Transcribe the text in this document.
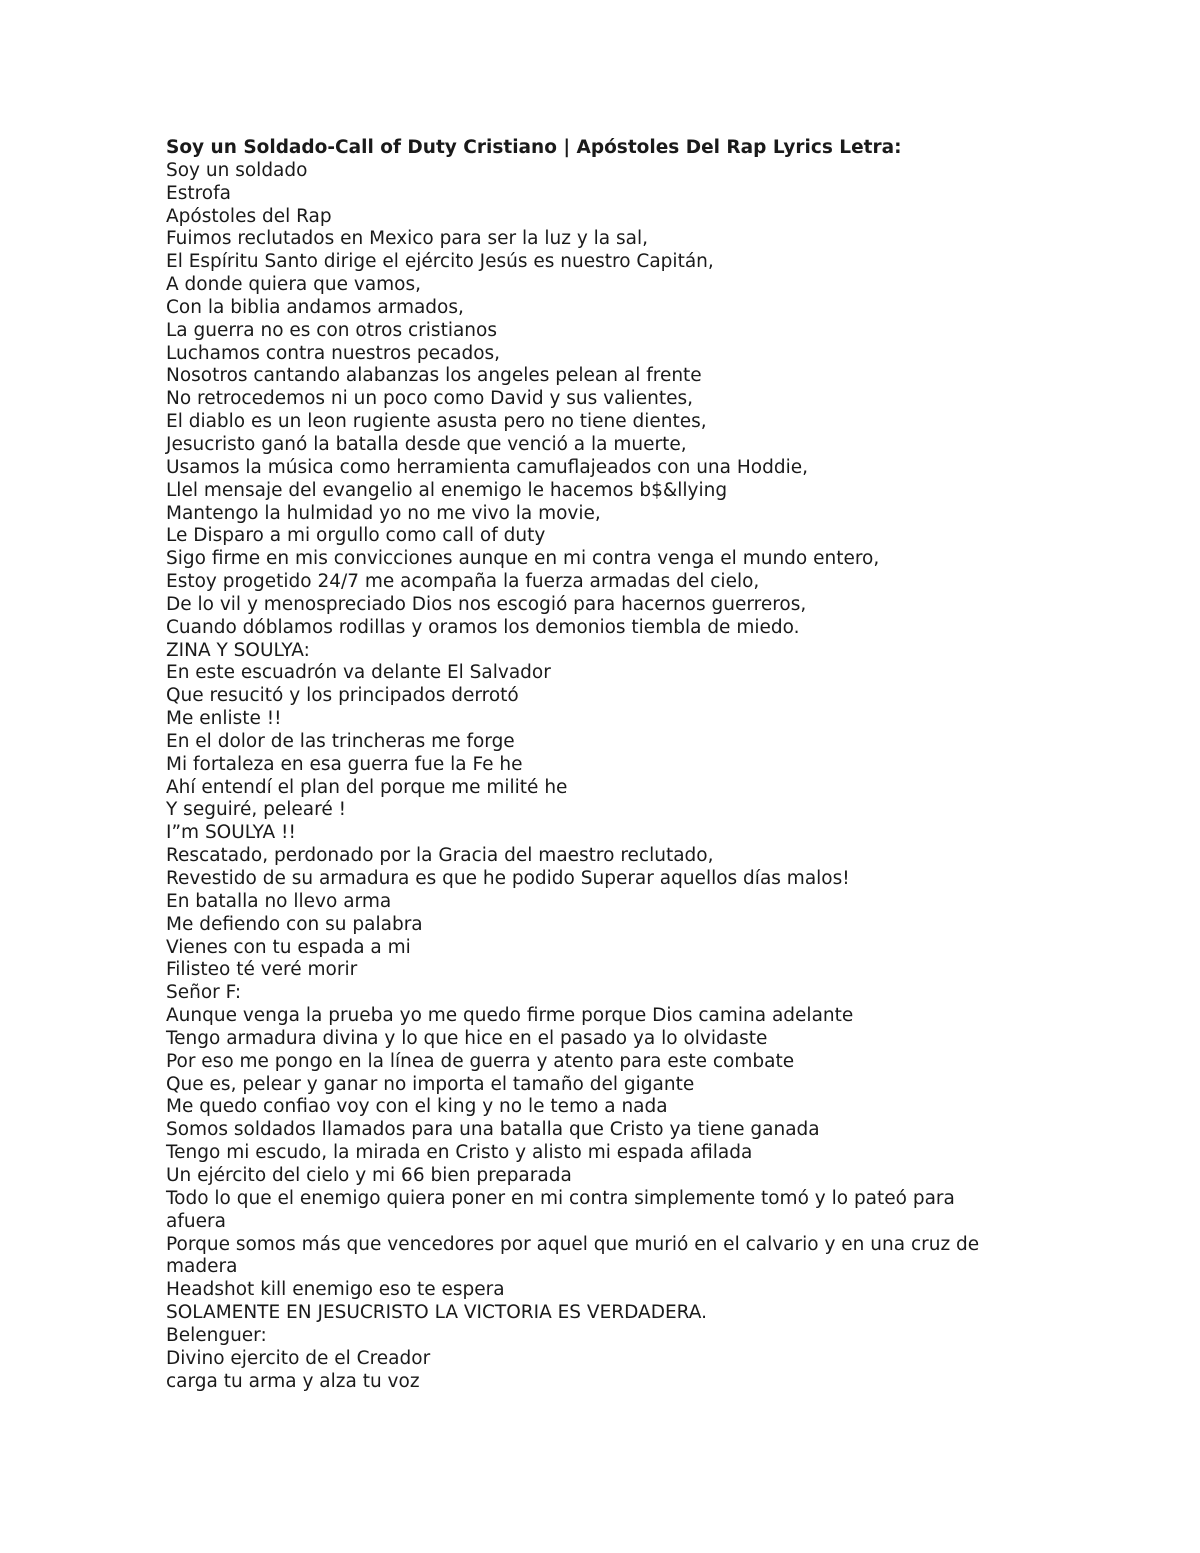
Soy un Soldado-Call of Duty Cristiano | Apóstoles Del Rap Lyrics Letra:
Soy un soldado
Estrofa
Apóstoles del Rap
Fuimos reclutados en Mexico para ser la luz y la sal,
El Espíritu Santo dirige el ejército Jesús es nuestro Capitán,
A donde quiera que vamos,
Con la biblia andamos armados,
La guerra no es con otros cristianos
Luchamos contra nuestros pecados,
Nosotros cantando alabanzas los angeles pelean al frente
No retrocedemos ni un poco como David y sus valientes,
El diablo es un leon rugiente asusta pero no tiene dientes,
Jesucristo ganó la batalla desde que venció a la muerte,
Usamos la música como herramienta camuflajeados con una Hoddie,
Llel mensaje del evangelio al enemigo le hacemos b$&llying
Mantengo la hulmidad yo no me vivo la movie,
Le Disparo a mi orgullo como call of duty
Sigo firme en mis convicciones aunque en mi contra venga el mundo entero,
Estoy progetido 24/7 me acompaña la fuerza armadas del cielo,
De lo vil y menospreciado Dios nos escogió para hacernos guerreros,
Cuando dóblamos rodillas y oramos los demonios tiembla de miedo.
ZINA Y SOULYA:
En este escuadrón va delante El Salvador
Que resucitó y los principados derrotó
Me enliste !!
En el dolor de las trincheras me forge
Mi fortaleza en esa guerra fue la Fe he
Ahí entendí el plan del porque me milité he
Y seguiré, pelearé !
I”m SOULYA !!
Rescatado, perdonado por la Gracia del maestro reclutado,
Revestido de su armadura es que he podido Superar aquellos días malos!
En batalla no llevo arma
Me defiendo con su palabra
Vienes con tu espada a mi
Filisteo té veré morir
Señor F:
Aunque venga la prueba yo me quedo firme porque Dios camina adelante
Tengo armadura divina y lo que hice en el pasado ya lo olvidaste
Por eso me pongo en la línea de guerra y atento para este combate
Que es, pelear y ganar no importa el tamaño del gigante
Me quedo confiao voy con el king y no le temo a nada
Somos soldados llamados para una batalla que Cristo ya tiene ganada
Tengo mi escudo, la mirada en Cristo y alisto mi espada afilada
Un ejército del cielo y mi 66 bien preparada
Todo lo que el enemigo quiera poner en mi contra simplemente tomó y lo pateó para
afuera
Porque somos más que vencedores por aquel que murió en el calvario y en una cruz de
madera
Headshot kill enemigo eso te espera
SOLAMENTE EN JESUCRISTO LA VICTORIA ES VERDADERA.
Belenguer:
Divino ejercito de el Creador
carga tu arma y alza tu voz
